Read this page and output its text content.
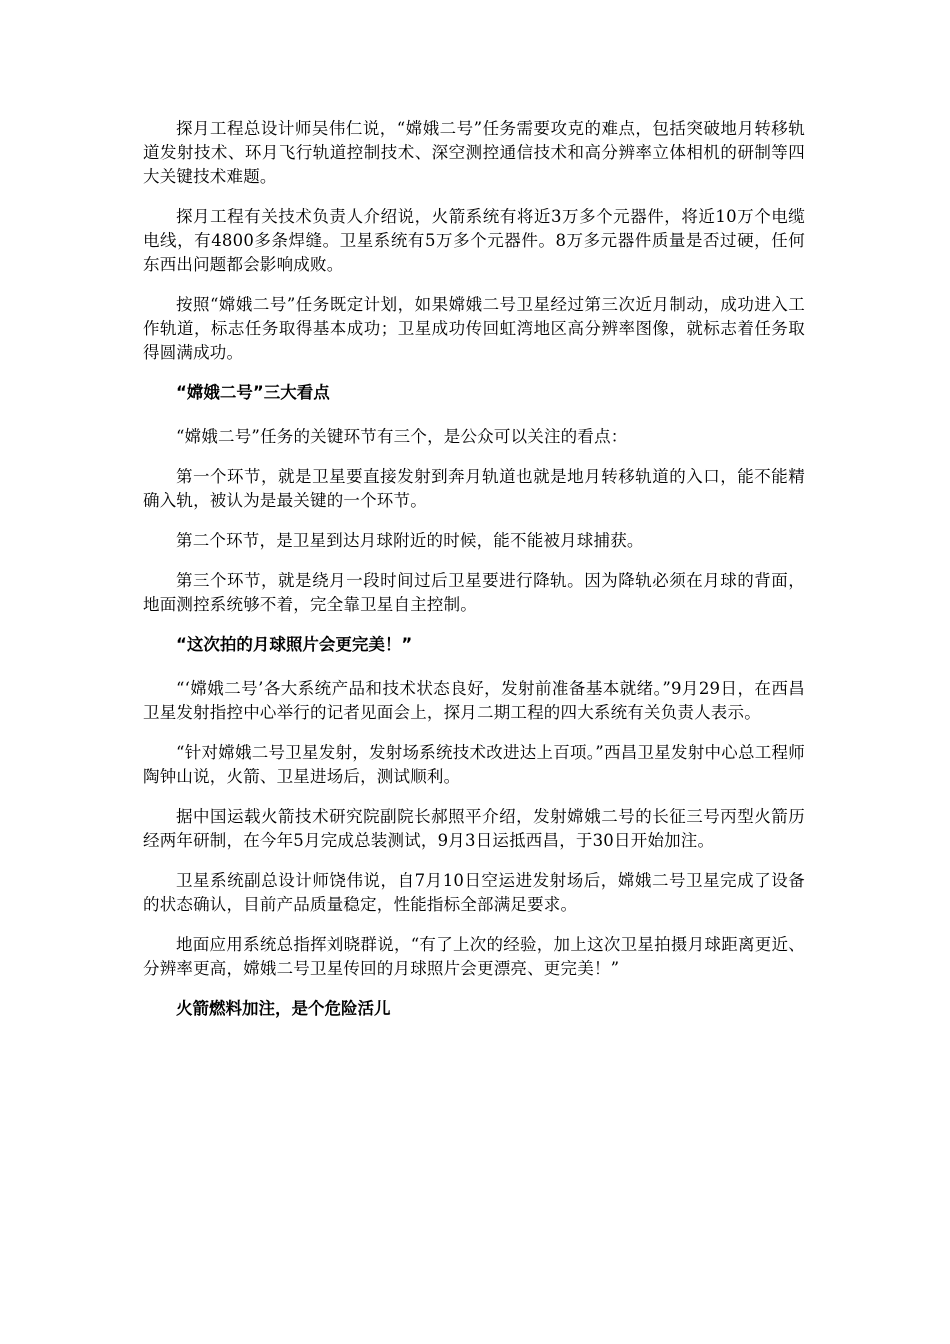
探月工程总设计师吴伟仁说，“嫦娥二号”任务需要攻克的难点，包括突破地月转移轨道发射技术、环月飞行轨道控制技术、深空测控通信技术和高分辨率立体相机的研制等四大关键技术难题。

探月工程有关技术负责人介绍说，火箭系统有将近3万多个元器件，将近10万个电缆电线，有4800多条焊缝。卫星系统有5万多个元器件。8万多元器件质量是否过硬，任何东西出问题都会影响成败。

按照“嫦娥二号”任务既定计划，如果嫦娥二号卫星经过第三次近月制动，成功进入工作轨道，标志任务取得基本成功；卫星成功传回虹湾地区高分辨率图像，就标志着任务取得圆满成功。

“嫦娥二号”三大看点

“嫦娥二号”任务的关键环节有三个，是公众可以关注的看点：

第一个环节，就是卫星要直接发射到奔月轨道也就是地月转移轨道的入口，能不能精确入轨，被认为是最关键的一个环节。

第二个环节，是卫星到达月球附近的时候，能不能被月球捕获。

第三个环节，就是绕月一段时间过后卫星要进行降轨。因为降轨必须在月球的背面，地面测控系统够不着，完全靠卫星自主控制。

“这次拍的月球照片会更完美！”

“‘嫦娥二号’各大系统产品和技术状态良好，发射前准备基本就绪。”9月29日，在西昌卫星发射指控中心举行的记者见面会上，探月二期工程的四大系统有关负责人表示。

“针对嫦娥二号卫星发射，发射场系统技术改进达上百项。”西昌卫星发射中心总工程师陶钟山说，火箭、卫星进场后，测试顺利。

据中国运载火箭技术研究院副院长郝照平介绍，发射嫦娥二号的长征三号丙型火箭历经两年研制，在今年5月完成总装测试，9月3日运抵西昌，于30日开始加注。

卫星系统副总设计师饶伟说，自7月10日空运进发射场后，嫦娥二号卫星完成了设备的状态确认，目前产品质量稳定，性能指标全部满足要求。

地面应用系统总指挥刘晓群说，“有了上次的经验，加上这次卫星拍摄月球距离更近、分辨率更高，嫦娥二号卫星传回的月球照片会更漂亮、更完美！”

火箭燃料加注，是个危险活儿
